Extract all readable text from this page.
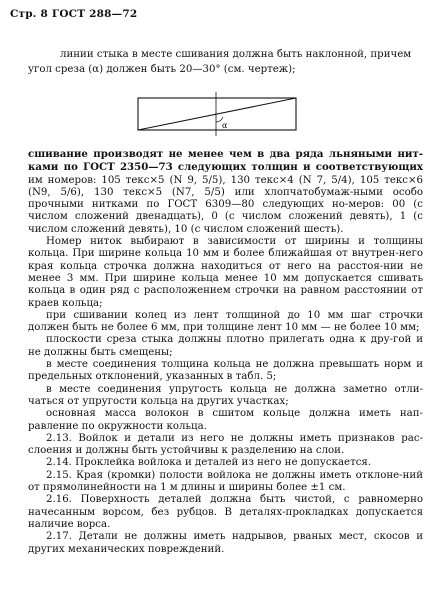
Стр. 8 ГОСТ 288—72

линии стыка в месте сшивания должна быть наклонной, причем

угол среза (α) должен быть 20—30° (см. чертеж);

α

сшивание производят не менее чем в два ряда льняными нит-ками по ГОСТ 2350—73 следующих толщин и соответствующих им номеров: 105 текс×5 (N 9, 5/5), 130 текс×4 (N 7, 5/4), 105 текс×6 (N9, 5/6), 130 текс×5 (N7, 5/5) или хлопчатобумаж-ными особо прочными нитками по ГОСТ 6309—80 следующих но-меров: 00 (с числом сложений двенадцать), 0 (с числом сложений девять), 1 (с числом сложений девять), 10 (с числом сложений шесть).

Номер ниток выбирают в зависимости от ширины и толщины кольца. При ширине кольца 10 мм и более ближайшая от внутрен-него края кольца строчка должна находиться от него на расстоя-нии не менее 3 мм. При ширине кольца менее 10 мм допускается сшивать кольца в один ряд с расположением строчки на равном расстоянии от краев кольца;

при сшивании колец из лент толщиной до 10 мм шаг строчки должен быть не более 6 мм, при толщине лент 10 мм — не более 10 мм;

плоскости среза стыка должны плотно прилегать одна к дру-гой и не должны быть смещены;

в месте соединения толщина кольца не должна превышать норм и предельных отклонений, указанных в табл. 5;

в месте соединения упругость кольца не должна заметно отли-чаться от упругости кольца на других участках;

основная масса волокон в сшитом кольце должна иметь нап-равление по окружности кольца.

2.13. Войлок и детали из него не должны иметь признаков рас-слоения и должны быть устойчивы к разделению на слои.

2.14. Проклейка войлока и деталей из него не допускается.

2.15. Края (кромки) полости войлока не должны иметь отклоне-ний от прямолинейности на 1 м длины и ширины более ±1 см.

2.16. Поверхность деталей должна быть чистой, с равномерно начесанным ворсом, без рубцов. В деталях-прокладках допускается наличие ворса.

2.17. Детали не должны иметь надрывов, рваных мест, скосов и других механических повреждений.
